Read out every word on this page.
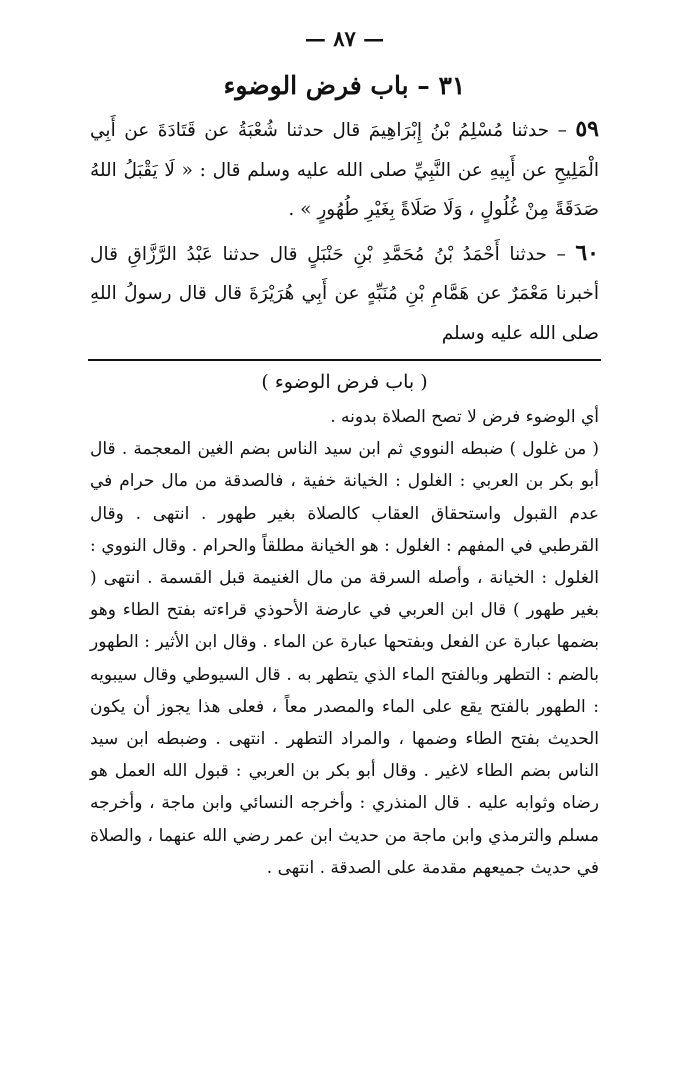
— ٨٧ —
٣١ – باب فرض الوضوء
٥٩ – حدثنا مُسْلِمُ بْنُ إِبْرَاهِيمَ قال حدثنا شُعْبَةُ عن قَتَادَةَ عن أَبِي الْمَلِيحِ عن أَبِيهِ عن النَّبِيِّ صلى الله عليه وسلم قال : « لَا يَقْبَلُ اللهُ صَدَقَةً مِنْ غُلُولٍ ، وَلَا صَلَاةً بِغَيْرِ طُهُورٍ » .
٦٠ – حدثنا أَحْمَدُ بْنُ مُحَمَّدِ بْنِ حَنْبَلٍ قال حدثنا عَبْدُ الرَّزَّاقِ قال أخبرنا مَعْمَرٌ عن هَمَّامِ بْنِ مُنَبِّهٍ عن أَبِي هُرَيْرَةَ قال قال رسولُ اللهِ صلى الله عليه وسلم
( باب فرض الوضوء )

أي الوضوء فرض لا تصح الصلاة بدونه .

( من غلول ) ضبطه النووي ثم ابن سيد الناس بضم الغين المعجمة . قال أبو بكر بن العربي : الغلول : الخيانة خفية ، فالصدقة من مال حرام في عدم القبول واستحقاق العقاب كالصلاة بغير طهور . انتهى . وقال القرطبي في المفهم : الغلول : هو الخيانة مطلقاً والحرام . وقال النووي : الغلول : الخيانة ، وأصله السرقة من مال الغنيمة قبل القسمة . انتهى ( بغير طهور ) قال ابن العربي في عارضة الأحوذي قراءته بفتح الطاء وهو بضمها عبارة عن الفعل وبفتحها عبارة عن الماء . وقال ابن الأثير : الطهور بالضم : التطهر وبالفتح الماء الذي يتطهر به . قال السيوطي وقال سيبويه : الطهور بالفتح يقع على الماء والمصدر معاً ، فعلى هذا يجوز أن يكون الحديث بفتح الطاء وضمها ، والمراد التطهر . انتهى . وضبطه ابن سيد الناس بضم الطاء لاغير . وقال أبو بكر بن العربي : قبول الله العمل هو رضاه وثوابه عليه . قال المنذري : وأخرجه النسائي وابن ماجة ، وأخرجه مسلم والترمذي وابن ماجة من حديث ابن عمر رضي الله عنهما ، والصلاة في حديث جميعهم مقدمة على الصدقة . انتهى .
